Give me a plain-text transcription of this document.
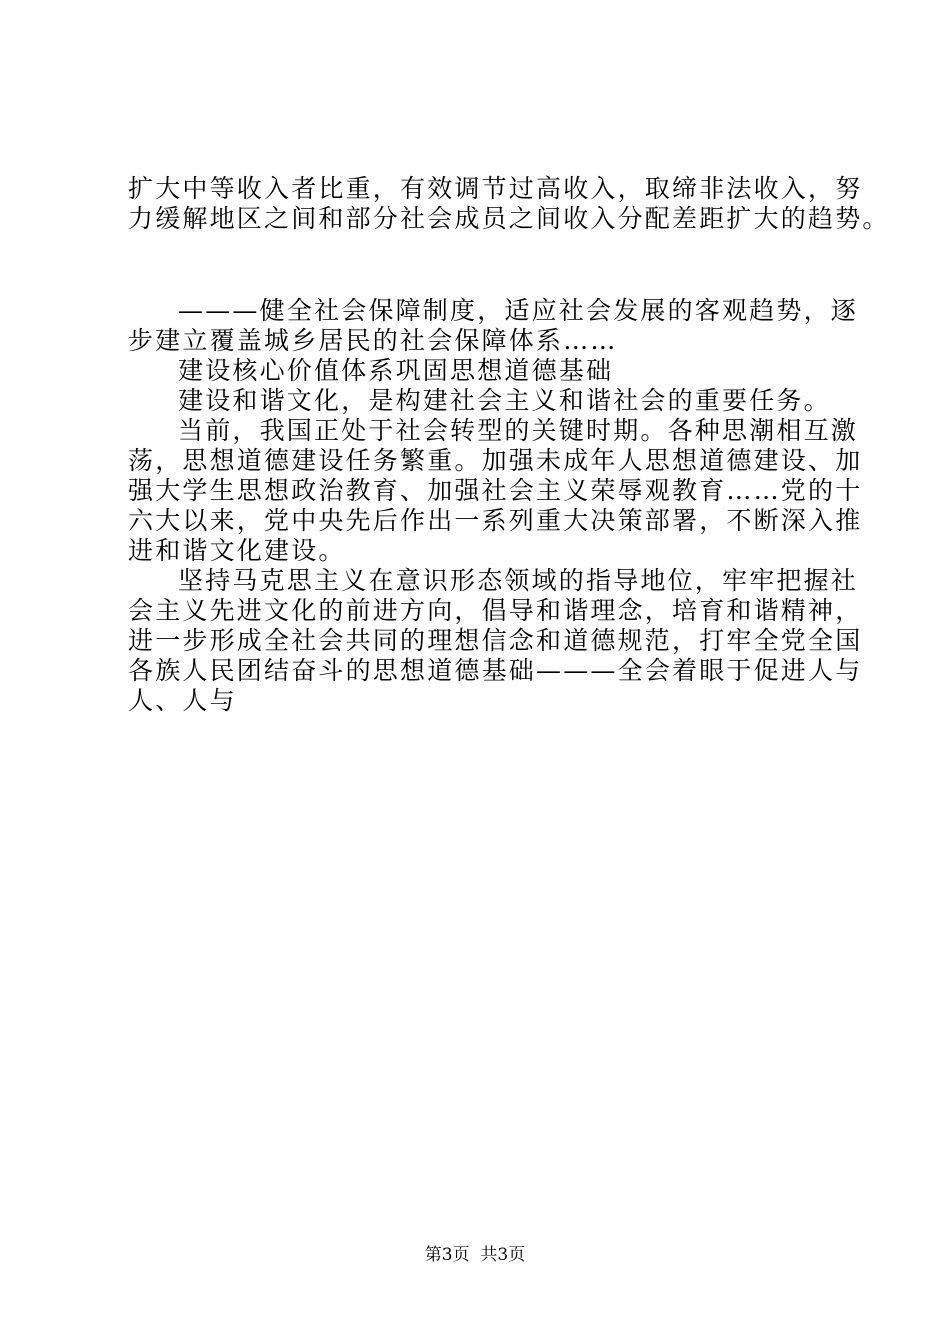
扩大中等收入者比重，有效调节过高收入，取缔非法收入，努
力缓解地区之间和部分社会成员之间收入分配差距扩大的趋势。
———健全社会保障制度，适应社会发展的客观趋势，逐
步建立覆盖城乡居民的社会保障体系……
建设核心价值体系巩固思想道德基础
建设和谐文化，是构建社会主义和谐社会的重要任务。
当前，我国正处于社会转型的关键时期。各种思潮相互激
荡，思想道德建设任务繁重。加强未成年人思想道德建设、加
强大学生思想政治教育、加强社会主义荣辱观教育……党的十
六大以来，党中央先后作出一系列重大决策部署，不断深入推
进和谐文化建设。
坚持马克思主义在意识形态领域的指导地位，牢牢把握社
会主义先进文化的前进方向，倡导和谐理念，培育和谐精神，
进一步形成全社会共同的理想信念和道德规范，打牢全党全国
各族人民团结奋斗的思想道德基础———全会着眼于促进人与
人、人与
第3页  共3页
